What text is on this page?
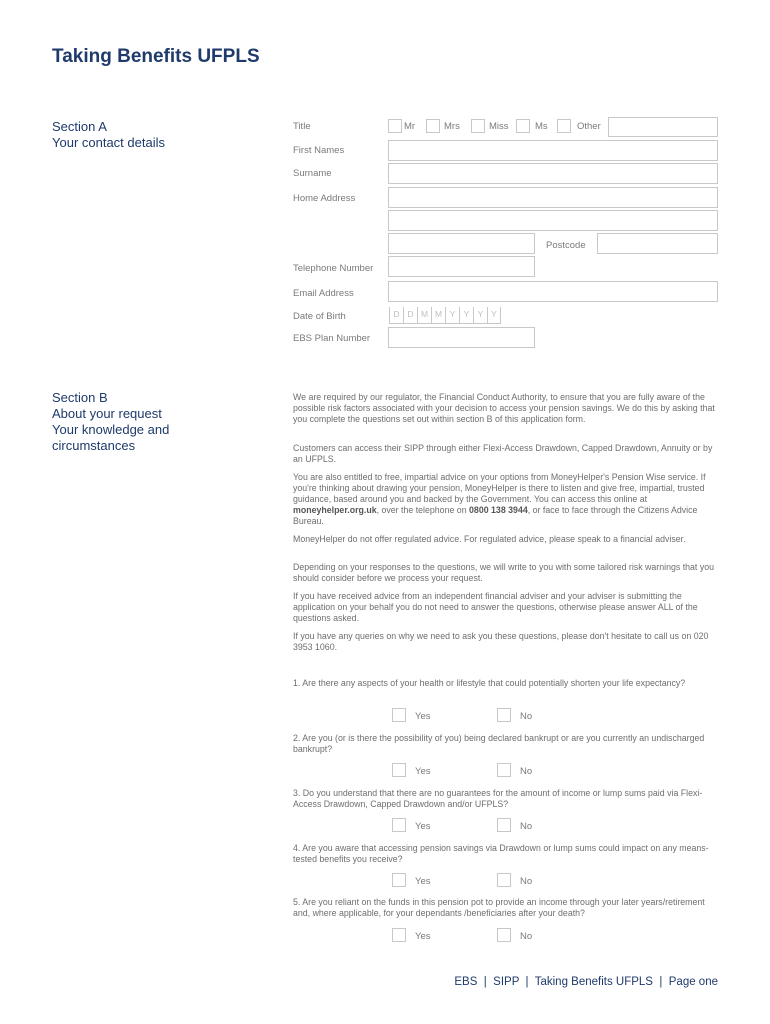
Taking Benefits UFPLS
Section A
Your contact details
Title	Mr	Mrs	Miss	Ms	Other
First Names
Surname
Home Address
Postcode
Telephone Number
Email Address
Date of Birth	D D M M Y Y Y Y
EBS Plan Number
Section B
About your request
Your knowledge and
circumstances

We are required by our regulator, the Financial Conduct Authority, to ensure that you are fully aware of the possible risk factors associated with your decision to access your pension savings. We do this by asking that you complete the questions set out within section B of this application form.

Customers can access their SIPP through either Flexi-Access Drawdown, Capped Drawdown, Annuity or by an UFPLS.

You are also entitled to free, impartial advice on your options from MoneyHelper's Pension Wise service. If you're thinking about drawing your pension, MoneyHelper is there to listen and give free, impartial, trusted guidance, based around you and backed by the Government. You can access this online at moneyhelper.org.uk, over the telephone on 0800 138 3944, or face to face through the Citizens Advice Bureau.

MoneyHelper do not offer regulated advice. For regulated advice, please speak to a financial adviser.

Depending on your responses to the questions, we will write to you with some tailored risk warnings that you should consider before we process your request.

If you have received advice from an independent financial adviser and your adviser is submitting the application on your behalf you do not need to answer the questions, otherwise please answer ALL of the questions asked.

If you have any queries on why we need to ask you these questions, please don't hesitate to call us on 020 3953 1060.

1. Are there any aspects of your health or lifestyle that could potentially shorten your life expectancy?
Yes	No
2. Are you (or is there the possibility of you) being declared bankrupt or are you currently an undischarged bankrupt?
Yes	No
3. Do you understand that there are no guarantees for the amount of income or lump sums paid via Flexi-Access Drawdown, Capped Drawdown and/or UFPLS?
Yes	No
4. Are you aware that accessing pension savings via Drawdown or lump sums could impact on any means-tested benefits you receive?
Yes	No
5. Are you reliant on the funds in this pension pot to provide an income through your later years/retirement and, where applicable, for your dependants /beneficiaries after your death?
Yes	No
EBS  |  SIPP  |  Taking Benefits UFPLS  |  Page one
